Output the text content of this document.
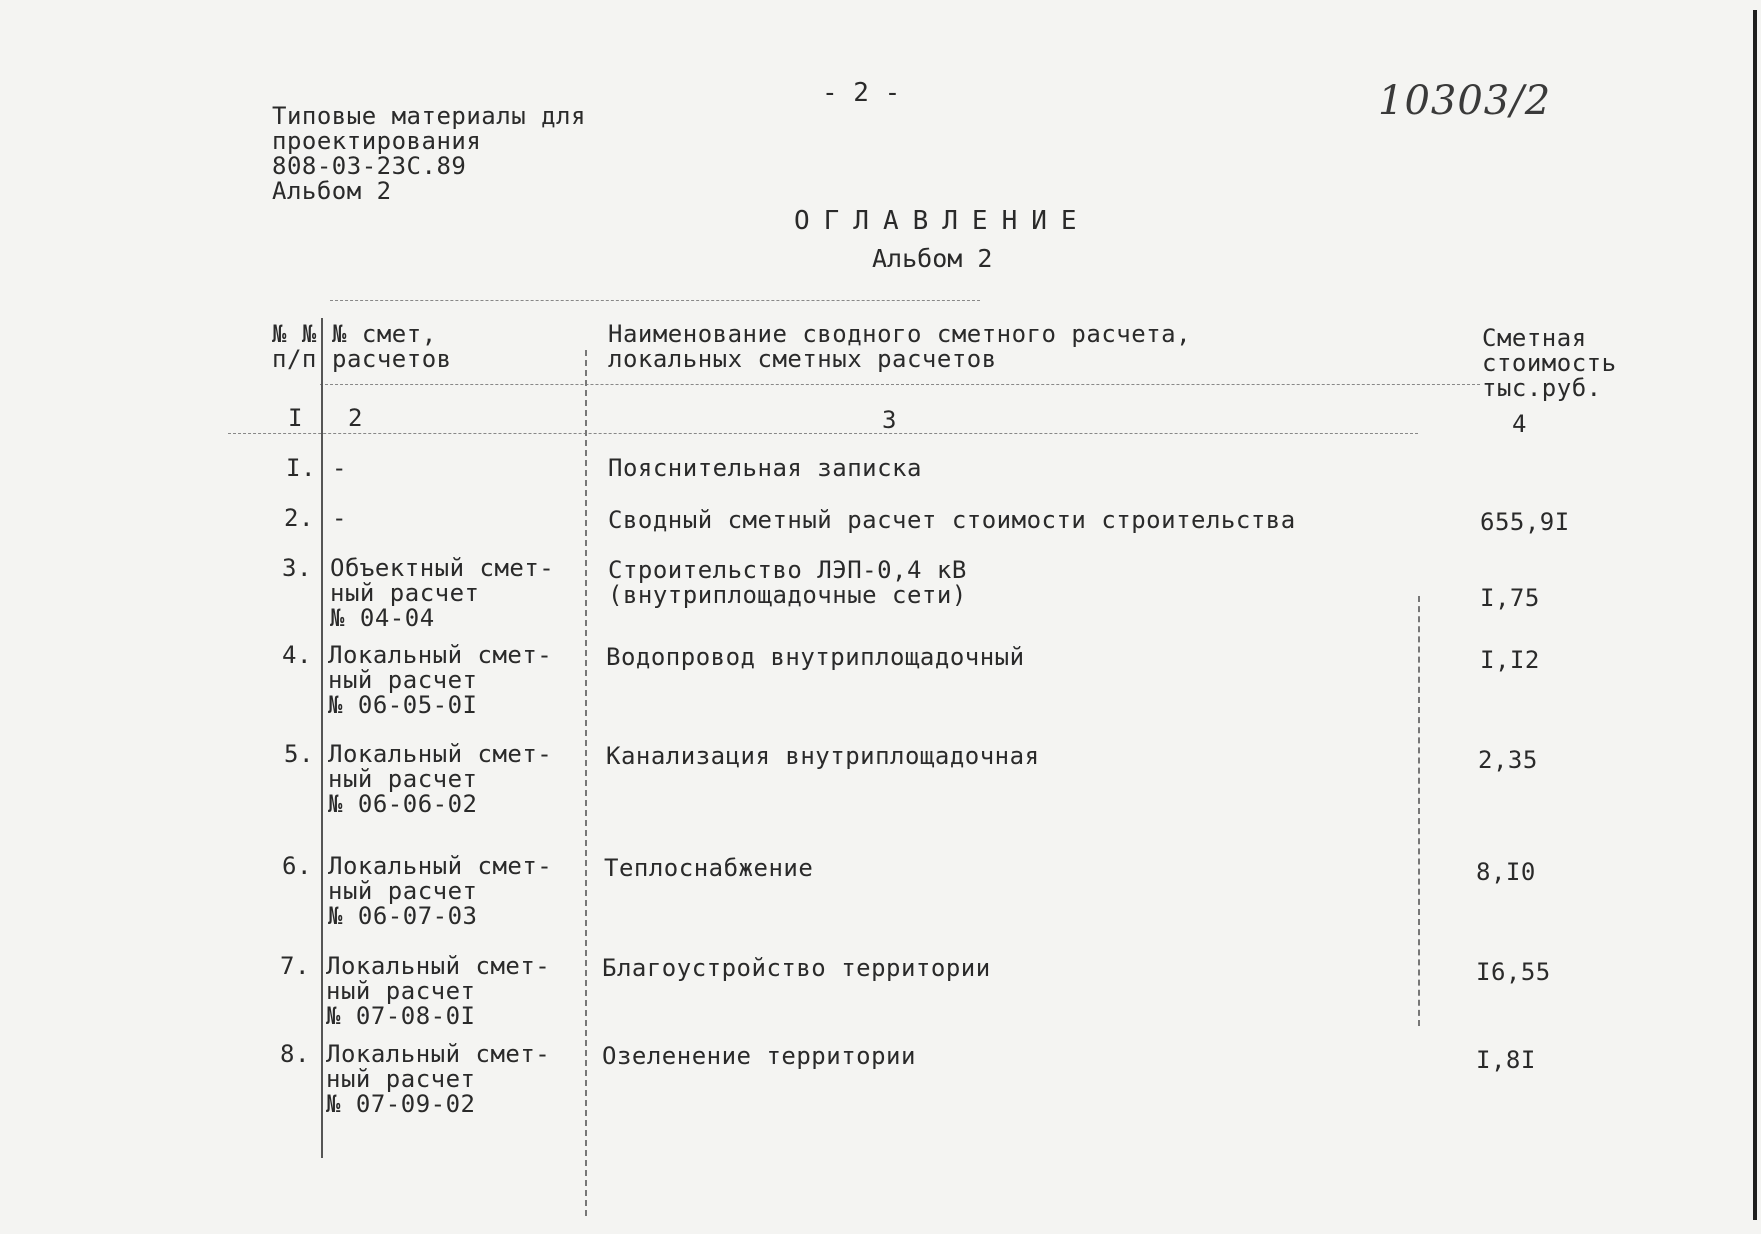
Типовые материалы для
проектирования
808-03-23С.89
Альбом 2
- 2 -	10303/2
ОГЛАВЛЕНИЕ
Альбом 2
№ №
п/п
№ смет,
расчетов
Наименование сводного сметного расчета,
локальных сметных расчетов
Сметная
стоимость
тыс.руб.
I 2	3	4
I. -	Пояснительная записка
2. -	Сводный сметный расчет стоимости строительства	655,9I
3. Объектный смет-
ный расчет
№ 04-04
Строительство ЛЭП-0,4 кВ
(внутриплощадочные сети)	I,75
4. Локальный смет-
ный расчет
№ 06-05-0I
Водопровод внутриплощадочный	I,I2
5. Локальный смет-
ный расчет
№ 06-06-02
Канализация внутриплощадочная	2,35
6. Локальный смет-
ный расчет
№ 06-07-03
Теплоснабжение	8,I0
7. Локальный смет-
ный расчет
№ 07-08-0I
Благоустройство территории	I6,55
8. Локальный смет-
ный расчет
№ 07-09-02
Озеленение территории	I,8I
